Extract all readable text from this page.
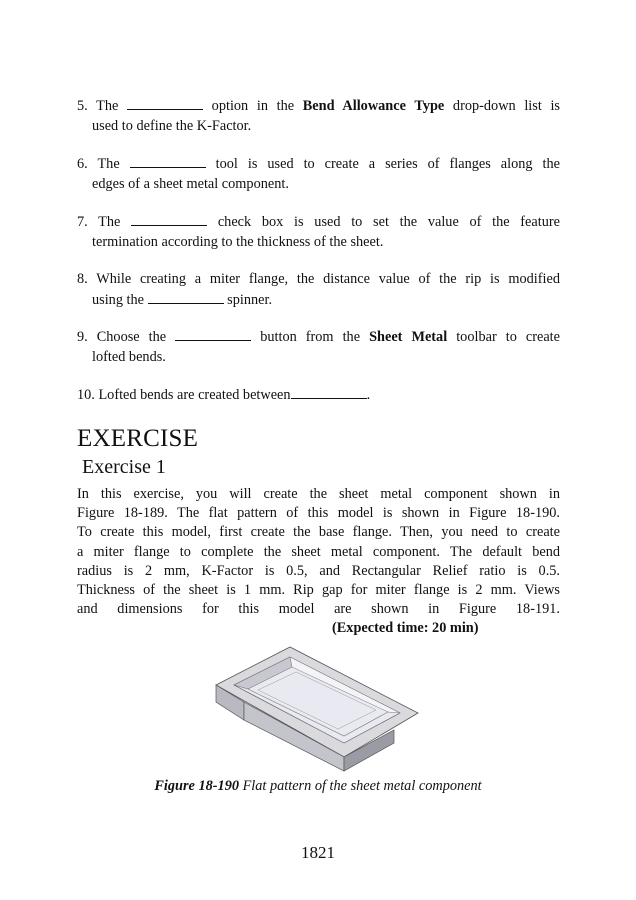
5. The	option in the Bend Allowance Type drop-down list is
used to define the K-Factor.
6. The	tool is used to create a series of flanges along the
edges of a sheet metal component.
7. The	check box is used to set the value of the feature
termination according to the thickness of the sheet.
8. While creating a miter flange, the distance value of the rip is modified
using the	spinner.
9. Choose the	button from the Sheet Metal toolbar to create
lofted bends.
10. Lofted bends are created between	.
EXERCISE
Exercise 1
In this exercise, you will create the sheet metal component shown in
Figure 18-189. The flat pattern of this model is shown in Figure 18-190.
To create this model, first create the base flange. Then, you need to create
a miter flange to complete the sheet metal component. The default bend
radius is 2 mm, K-Factor is 0.5, and Rectangular Relief ratio is 0.5.
Thickness of the sheet is 1 mm. Rip gap for miter flange is 2 mm. Views
and dimensions for this model are shown in Figure 18-191.
(Expected time: 20 min)
Figure 18-190 Flat pattern of the sheet metal component
1821
